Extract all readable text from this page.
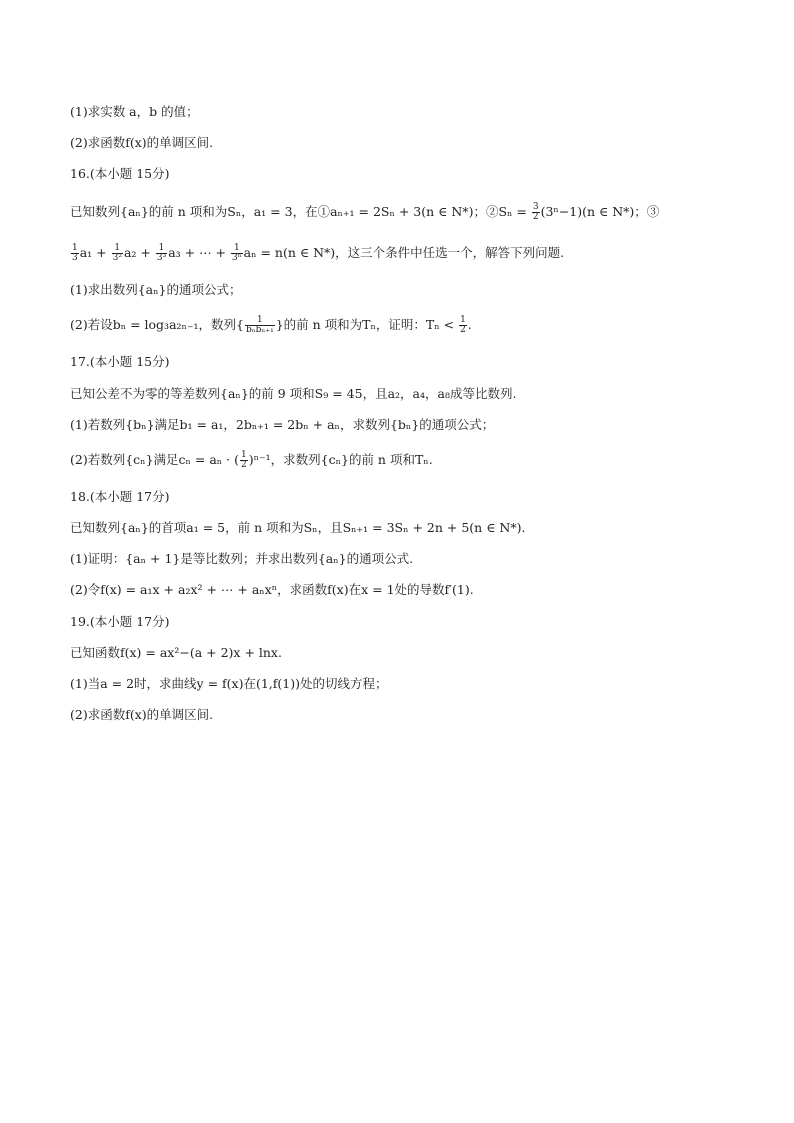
(1)求实数 a，b 的值；
(2)求函数f(x)的单调区间.
16.(本小题 15分)
已知数列{aₙ}的前 n 项和为Sₙ，a₁ = 3，在①aₙ₊₁ = 2Sₙ + 3(n ∈ N*)；②Sₙ = $\frac{3}{2} (3^n-1)(n$ ∈ N*)；③
$\frac{1}{3} a_1 + \frac{1}{\text{3²}} a_2 + \frac{1}{\text{3³}} a_3$ + ⋯ + $\frac{1}{\text{3ⁿ}}$ aₙ = n(n ∈ N*)，这三个条件中任选一个，解答下列问题.
(1)求出数列{aₙ}的通项公式；
(2)若设bₙ = log₃a₂ₙ₋₁，数列{ $\frac{1}{\text{bₙbₙ₊₁}}$ }的前 n 项和为Tₙ，证明：$T_n < \frac{1}{2}$ .
17.(本小题 15分)
已知公差不为零的等差数列{aₙ}的前 9 项和S₉ = 45，且a₂，a₄，a₈成等比数列.
(1)若数列{bₙ}满足b₁ = a₁，2bₙ₊₁ = 2bₙ + aₙ，求数列{bₙ}的通项公式；
(2)若数列{cₙ}满足cₙ = aₙ · ( $\frac{1}{2} )^{n-1}$，求数列{cₙ}的前 n 项和Tₙ.
18.(本小题 17分)
已知数列{aₙ}的首项a₁ = 5，前 n 项和为Sₙ，且Sₙ₊₁ = 3Sₙ + 2n + 5(n ∈ N*).
(1)证明：{aₙ + 1}是等比数列；并求出数列{aₙ}的通项公式.
(2)令f(x) = a₁x + a₂x² + ⋯ + aₙxⁿ，求函数f(x)在x = 1处的导数f′(1).
19.(本小题 17分)
已知函数f(x) = ax²−(a + 2)x + lnx.
(1)当a = 2时，求曲线y = f(x)在(1,f(1))处的切线方程；
(2)求函数f(x)的单调区间.
